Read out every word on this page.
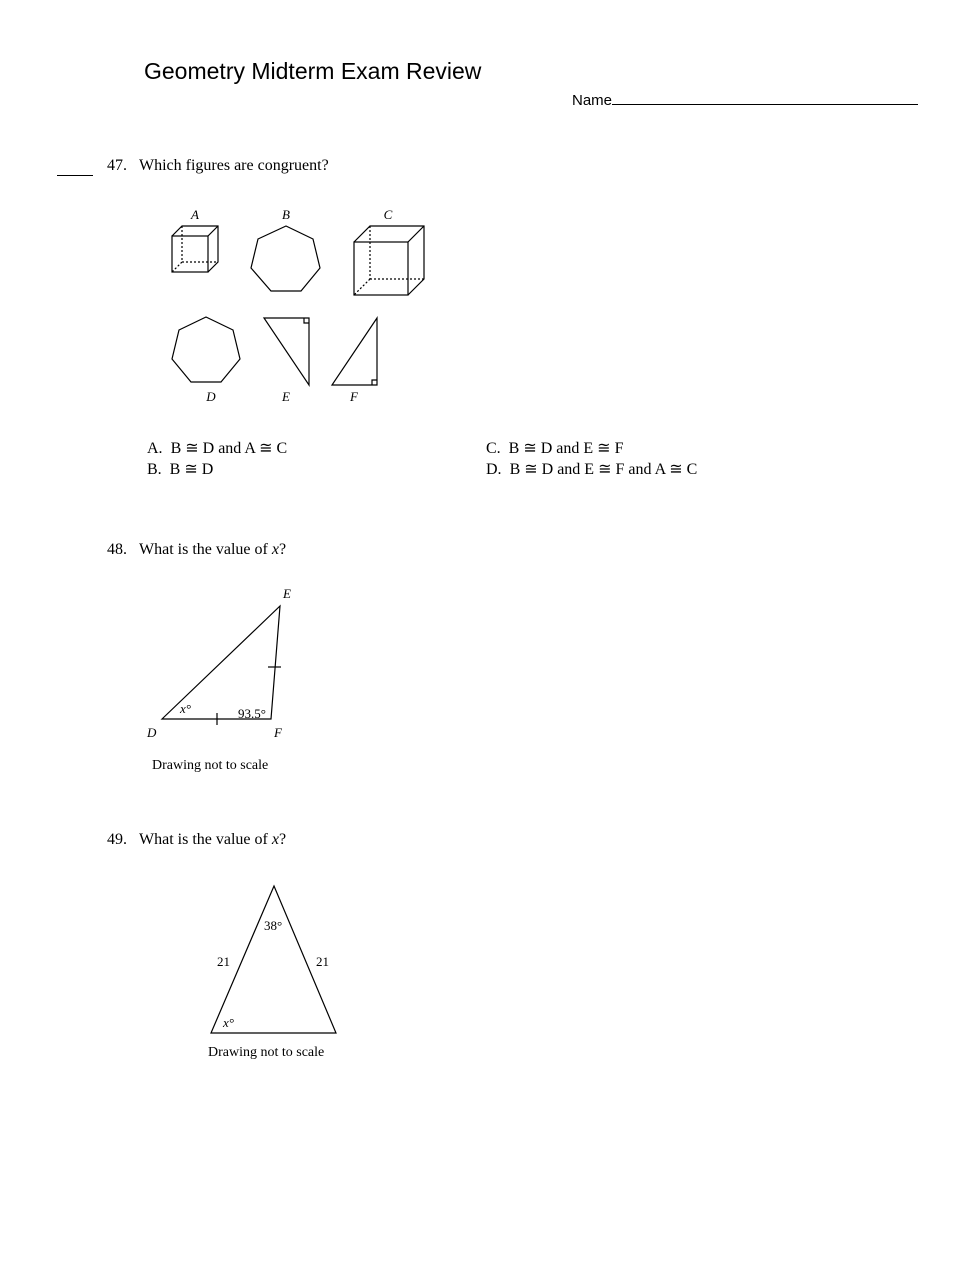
Geometry Midterm Exam Review
Name
47. Which figures are congruent?
A	B	C
D	E	F
E
D	F
x°	93.5°
38°
21	21
x°
A. B ≅ D and A ≅ C
B. B ≅ D
C. B ≅ D and E ≅ F
D. B ≅ D and E ≅ F and A ≅ C
48. What is the value of x?
Drawing not to scale
49. What is the value of x?
Drawing not to scale
